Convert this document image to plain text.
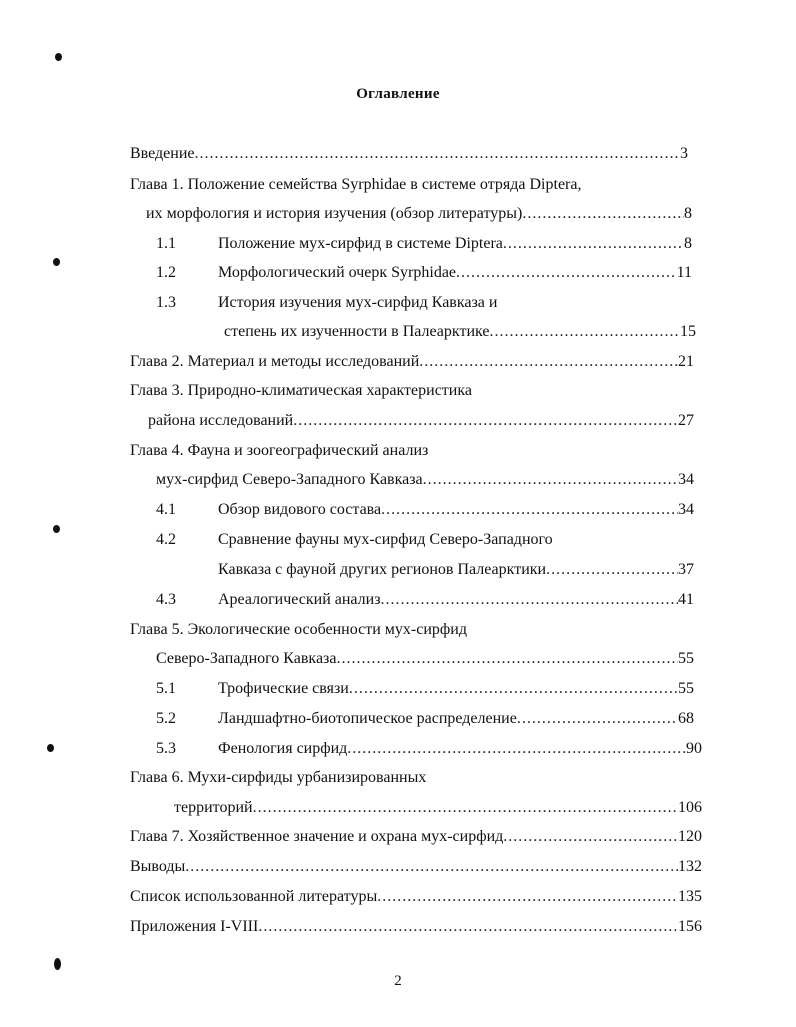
Оглавление
Введение .....	3
Глава 1. Положение семейства Syrphidae в системе отряда Diptera,
их морфология и история изучения (обзор литературы) .....	8
1.1	Положение мух-сирфид в системе Diptera .....	8
1.2	Морфологический очерк Syrphidae .....	11
1.3	История изучения мух-сирфид Кавказа и
степень их изученности в Палеарктике .....	15
Глава 2. Материал и методы исследований .....	21
Глава 3. Природно-климатическая характеристика
района исследований .....	27
Глава 4. Фауна и зоогеографический анализ
мух-сирфид Северо-Западного Кавказа .....	34
4.1	Обзор видового состава .....	34
4.2	Сравнение фауны мух-сирфид Северо-Западного
Кавказа с фауной других регионов Палеарктики .....	37
4.3	Ареалогический анализ .....	41
Глава 5. Экологические особенности мух-сирфид
Северо-Западного Кавказа .....	55
5.1	Трофические связи .....	55
5.2	Ландшафтно-биотопическое распределение .....	68
5.3	Фенология сирфид .....	90
Глава 6. Мухи-сирфиды урбанизированных
территорий .....	106
Глава 7. Хозяйственное значение и охрана мух-сирфид .....	120
Выводы .....	132
Список использованной литературы .....	135
Приложения I-VIII .....	156
2
